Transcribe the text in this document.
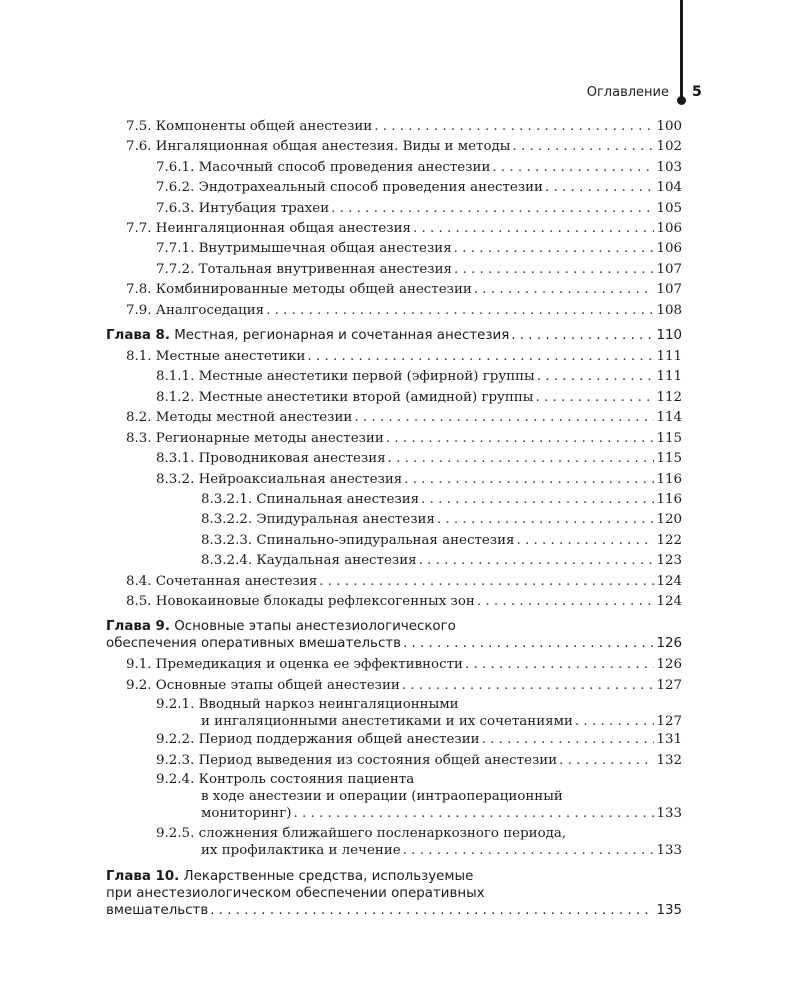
Оглавление 5
7.5. Компоненты общей анестезии . . .	100
7.6. Ингаляционная общая анестезия. Виды и методы . . .	102
7.6.1. Масочный способ проведения анестезии . . .	103
7.6.2. Эндотрахеальный способ проведения анестезии . . .	104
7.6.3. Интубация трахеи . . .	105
7.7. Неингаляционная общая анестезия . . .	106
7.7.1. Внутримышечная общая анестезия . . .	106
7.7.2. Тотальная внутривенная анестезия . . .	107
7.8. Комбинированные методы общей анестезии . . .	107
7.9. Аналгоседация . . .	108
Глава 8.
Местная, регионарная и сочетанная анестезия . . .	110
8.1. Местные анестетики . . .	111
8.1.1. Местные анестетики первой (эфирной) группы . . .	111
8.1.2. Местные анестетики второй (амидной) группы . . .	112
8.2. Методы местной анестезии . . .	114
8.3. Регионарные методы анестезии . . .	115
8.3.1. Проводниковая анестезия . . .	115
8.3.2. Нейроаксиальная анестезия . . .	116
8.3.2.1. Спинальная анестезия . . .	116
8.3.2.2. Эпидуральная анестезия . . .	120
8.3.2.3. Спинально-эпидуральная анестезия . . .	122
8.3.2.4. Каудальная анестезия . . .	123
8.4. Сочетанная анестезия . . .	124
8.5. Новокаиновые блокады рефлексогенных зон . . .	124
Глава 9. Основные этапы анестезиологического
обеспечения оперативных вмешательств . . .	126
9.1. Премедикация и оценка ее эффективности . . .	126
9.2. Основные этапы общей анестезии . . .	127
9.2.1. Вводный наркоз неингаляционными
и ингаляционными анестетиками и их сочетаниями . . .	127
9.2.2. Период поддержания общей анестезии . . .	131
9.2.3. Период выведения из состояния общей анестезии . . .	132
9.2.4. Контроль состояния пациента
в ходе анестезии и операции (интраоперационный
мониторинг) . . .	133
9.2.5. сложнения ближайшего посленаркозного периода,
их профилактика и лечение . . .	133
Глава 10. Лекарственные средства, используемые
при анестезиологическом обеспечении оперативных
вмешательств . . .	135
